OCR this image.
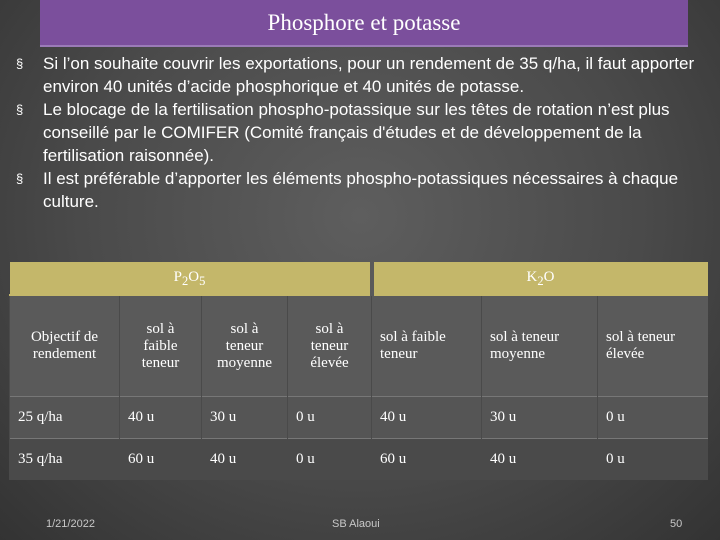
Phosphore et potasse
§ Si l’on souhaite couvrir les exportations, pour un rendement de 35 q/ha, il faut apporter environ 40 unités d’acide phosphorique et 40 unités de potasse.
§ Le blocage de la fertilisation phospho-potassique sur les têtes de rotation n’est plus conseillé par le COMIFER (Comité français d'études et de développement de la fertilisation raisonnée).
§ Il est préférable d’apporter les éléments phospho-potassiques nécessaires à chaque culture.
$P_2O_5$				$K_2O$		
Objectif de rendement	sol à faible teneur	sol à teneur moyenne	sol à teneur élevée	sol à faible teneur	sol à teneur moyenne	sol à teneur élevée
25 q/ha	40 u	30 u	0 u	40 u	30 u	0 u
35 q/ha	60 u	40 u	0 u	60 u	40 u	0 u
1/21/2022	SB Alaoui	50
